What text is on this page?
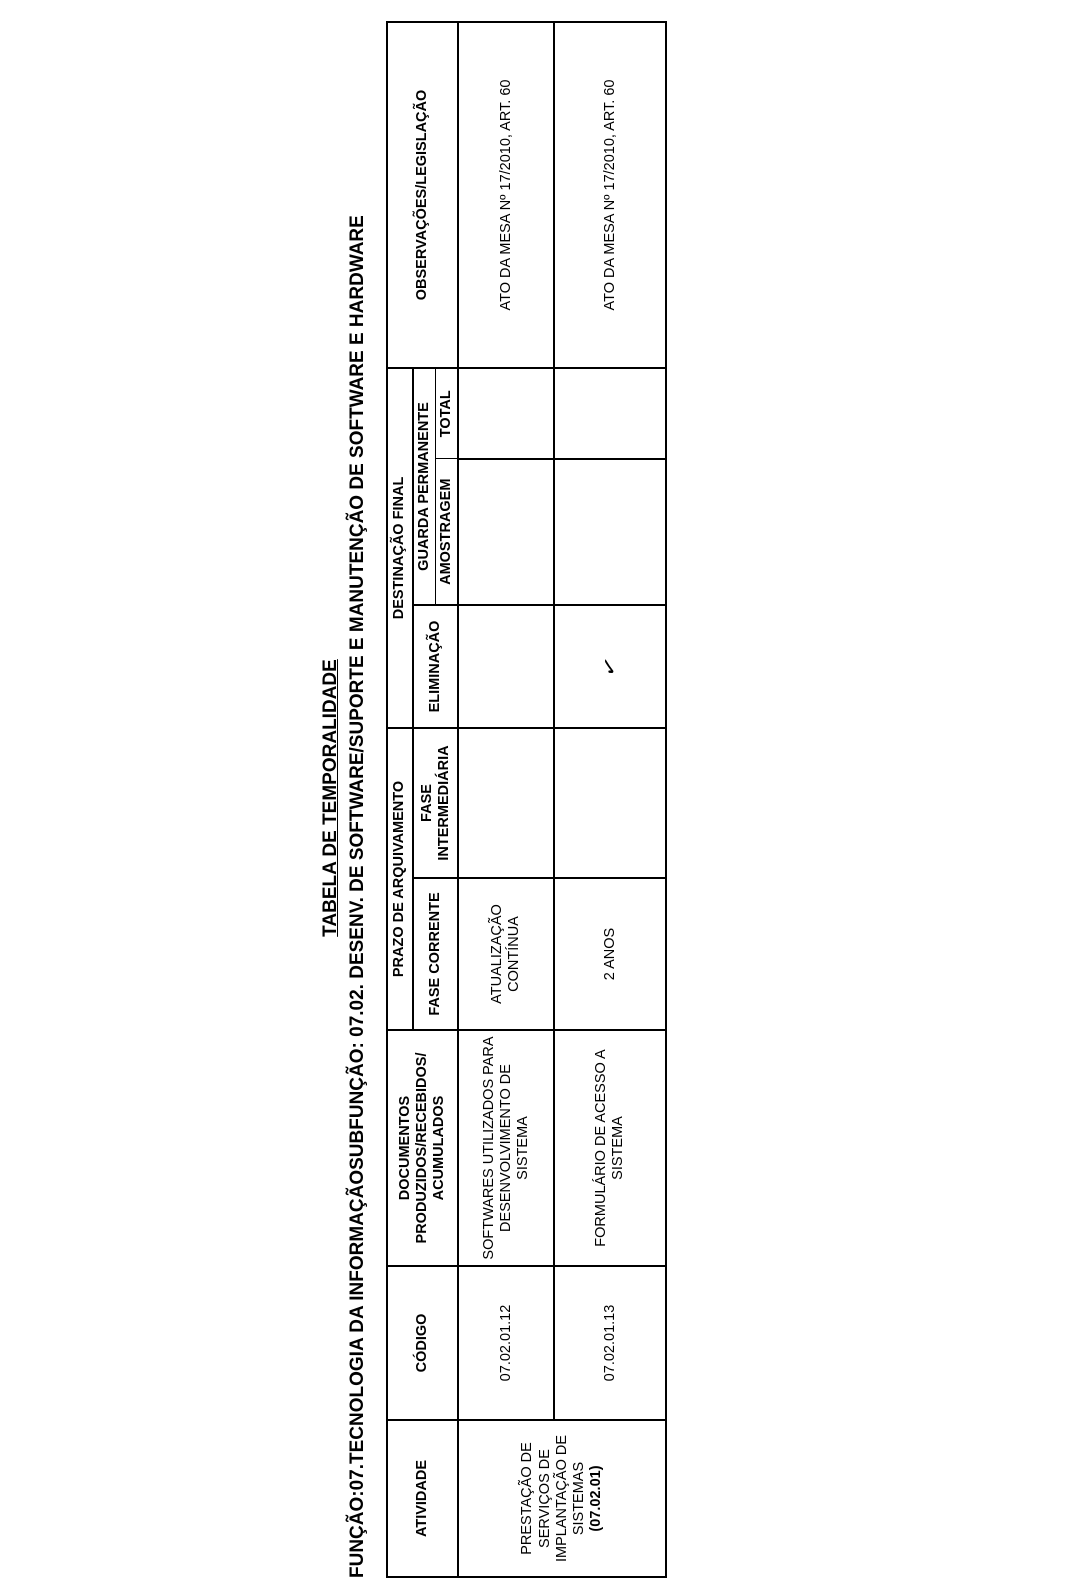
TABELA DE TEMPORALIDADE FUNÇÃO:07.TECNOLOGIA DA INFORMAÇÃOSUBFUNÇÃO: 07.02. DESENV. DE SOFTWARE/SUPORTE E MANUTENÇÃO DE SOFTWARE E HARDWARE	ATIVIDADE	CÓDIGO	DOCUMENTOS PRODUZIDOS/RECEBIDOS/ ACUMULADOS	PRAZO DE ARQUIVAMENTO		DESTINAÇÃO FINAL			OBSERVAÇÕES/LEGISLAÇÃO
			FASE CORRENTE	FASE INTERMEDIÁRIA	ELIMINAÇÃO	GUARDA PERMANENTE		
						AMOSTRAGEM	TOTAL	

PRESTAÇÃO DE SERVIÇOS DE IMPLANTAÇÃO DE SISTEMAS (07.02.01)	07.02.01.12	SOFTWARES UTILIZADOS PARA DESENVOLVIMENTO DE SISTEMA	ATUALIZAÇÃO CONTÍNUA					ATO DA MESA Nº 17/2010, ART. 60
	07.02.01.13	FORMULÁRIO DE ACESSO A SISTEMA	2 ANOS		✓			ATO DA MESA Nº 17/2010, ART. 60
